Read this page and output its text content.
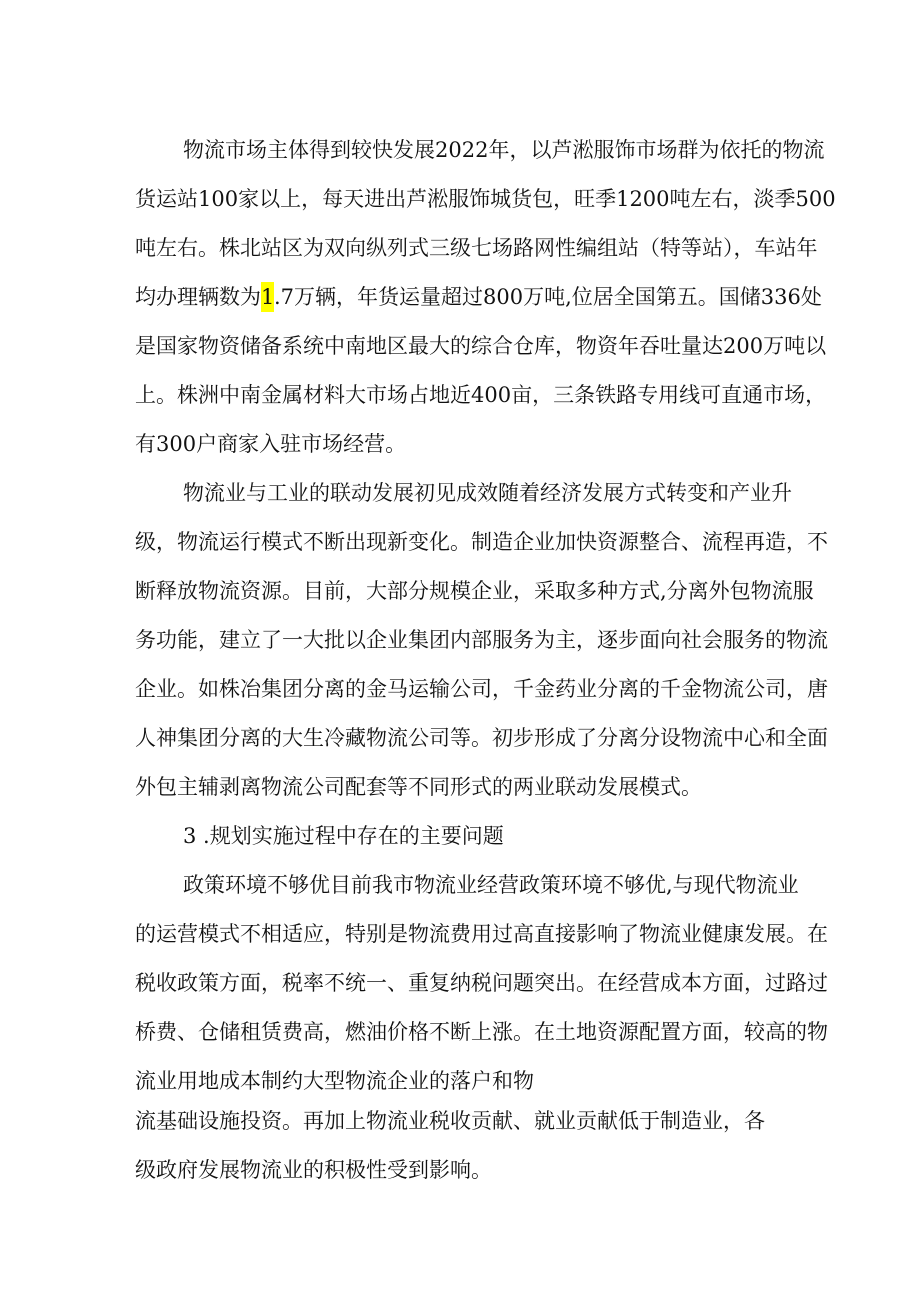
物流市场主体得到较快发展2022年，以芦淞服饰市场群为依托的物流
货运站100家以上，每天进出芦淞服饰城货包，旺季1200吨左右，淡季500
吨左右。株北站区为双向纵列式三级七场路网性编组站（特等站），车站年
均办理辆数为1.7万辆，年货运量超过800万吨,位居全国第五。国储336处
是国家物资储备系统中南地区最大的综合仓库，物资年吞吐量达200万吨以
上。株洲中南金属材料大市场占地近400亩，三条铁路专用线可直通市场，
有300户商家入驻市场经营。
物流业与工业的联动发展初见成效随着经济发展方式转变和产业升
级，物流运行模式不断出现新变化。制造企业加快资源整合、流程再造，不
断释放物流资源。目前，大部分规模企业，采取多种方式,分离外包物流服
务功能，建立了一大批以企业集团内部服务为主，逐步面向社会服务的物流
企业。如株冶集团分离的金马运输公司，千金药业分离的千金物流公司，唐
人神集团分离的大生冷藏物流公司等。初步形成了分离分设物流中心和全面
外包主辅剥离物流公司配套等不同形式的两业联动发展模式。
3 .规划实施过程中存在的主要问题
政策环境不够优目前我市物流业经营政策环境不够优,与现代物流业
的运营模式不相适应，特别是物流费用过高直接影响了物流业健康发展。在
税收政策方面，税率不统一、重复纳税问题突出。在经营成本方面，过路过
桥费、仓储租赁费高，燃油价格不断上涨。在土地资源配置方面，较高的物
流业用地成本制约大型物流企业的落户和物
流基础设施投资。再加上物流业税收贡献、就业贡献低于制造业，各
级政府发展物流业的积极性受到影响。
